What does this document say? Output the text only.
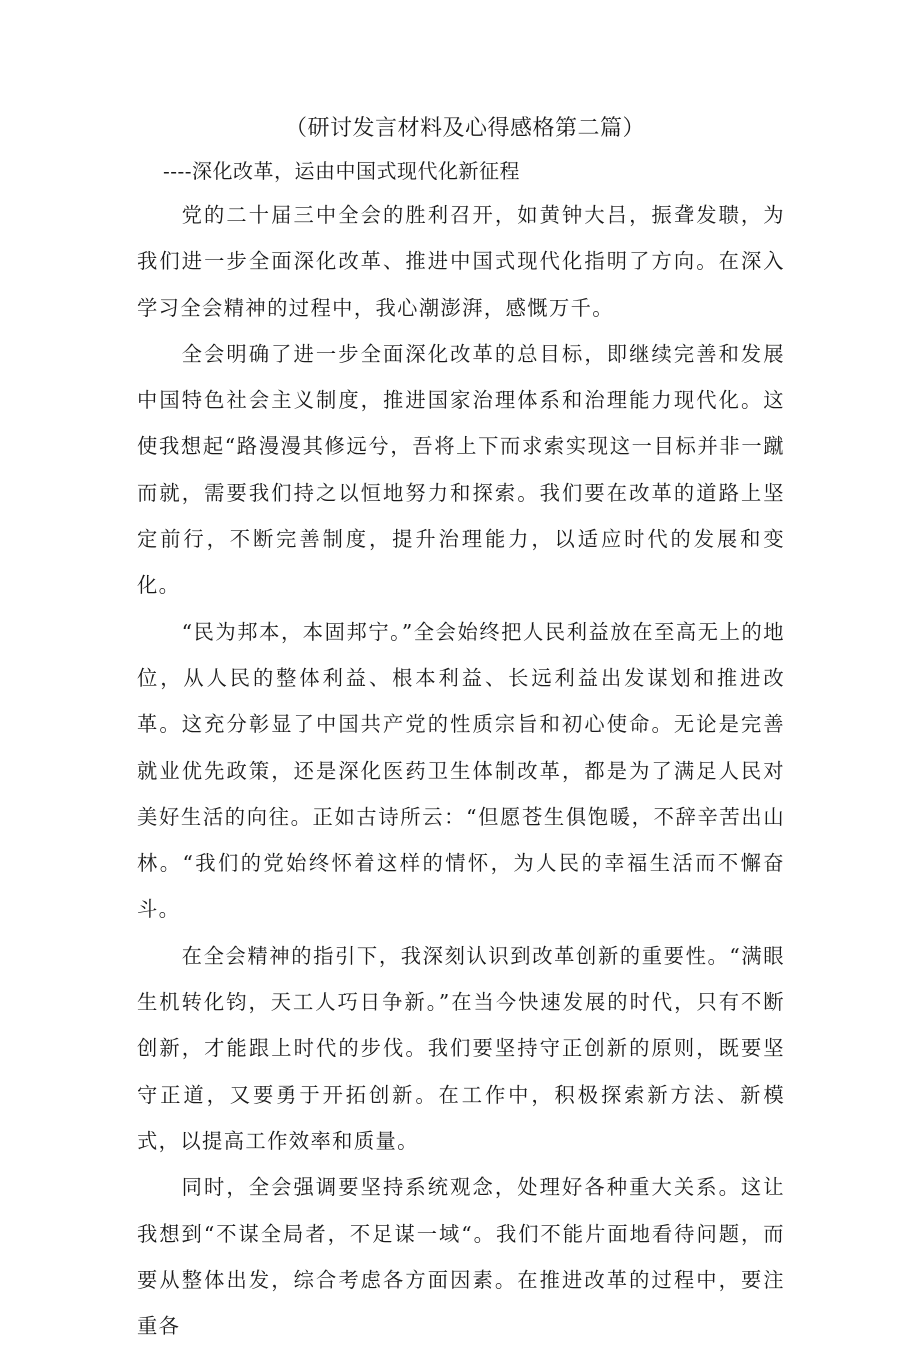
（研讨发言材料及心得感格第二篇）
----深化改革，运由中国式现代化新征程

党的二十届三中全会的胜利召开，如黄钟大吕，振聋发聩，为我们进一步全面深化改革、推进中国式现代化指明了方向。在深入学习全会精神的过程中，我心潮澎湃，感慨万千。

全会明确了进一步全面深化改革的总目标，即继续完善和发展中国特色社会主义制度，推进国家治理体系和治理能力现代化。这使我想起“路漫漫其修远兮，吾将上下而求索实现这一目标并非一蹴而就，需要我们持之以恒地努力和探索。我们要在改革的道路上坚定前行，不断完善制度，提升治理能力，以适应时代的发展和变化。

“民为邦本，本固邦宁。”全会始终把人民利益放在至高无上的地位，从人民的整体利益、根本利益、长远利益出发谋划和推进改革。这充分彰显了中国共产党的性质宗旨和初心使命。无论是完善就业优先政策，还是深化医药卫生体制改革，都是为了满足人民对美好生活的向往。正如古诗所云：“但愿苍生俱饱暖，不辞辛苦出山林。“我们的党始终怀着这样的情怀，为人民的幸福生活而不懈奋斗。

在全会精神的指引下，我深刻认识到改革创新的重要性。“满眼生机转化钧，天工人巧日争新。”在当今快速发展的时代，只有不断创新，才能跟上时代的步伐。我们要坚持守正创新的原则，既要坚守正道，又要勇于开拓创新。在工作中，积极探索新方法、新模式，以提高工作效率和质量。

同时，全会强调要坚持系统观念，处理好各种重大关系。这让我想到“不谋全局者，不足谋一域“。我们不能片面地看待问题，而要从整体出发，综合考虑各方面因素。在推进改革的过程中，要注重各
